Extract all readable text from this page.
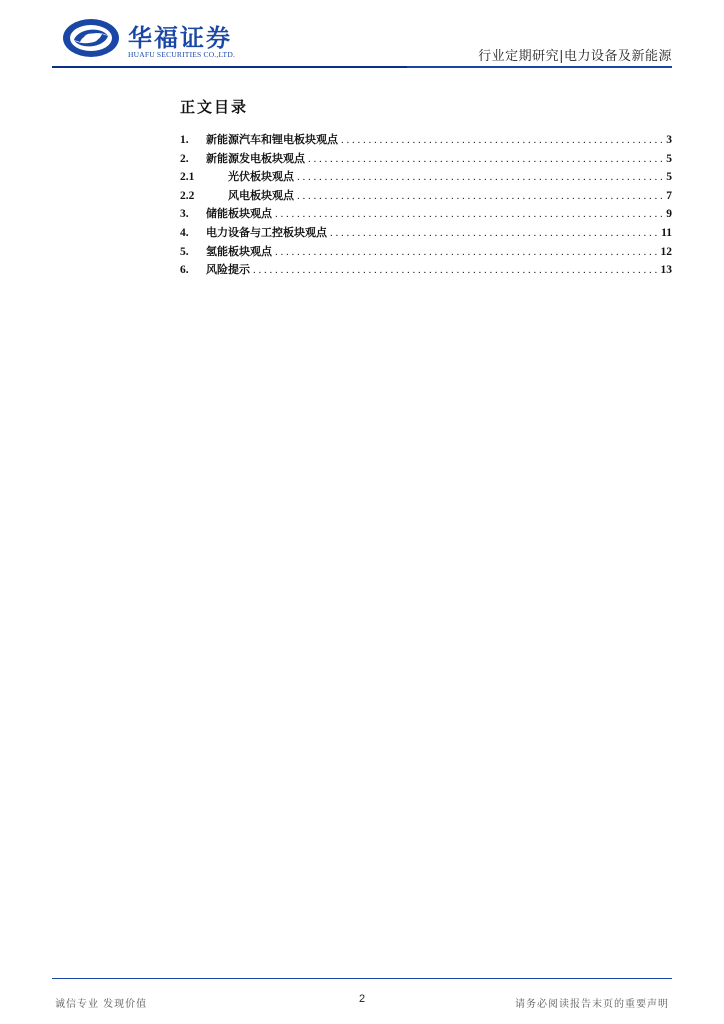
华福证券
HUAFU SECURITIES CO.,LTD.	行业定期研究|电力设备及新能源
正文目录
1.	新能源汽车和锂电板块观点 . . .	3
2.	新能源发电板块观点 . . .	5
2.1	光伏板块观点 . . .	5
2.2	风电板块观点 . . .	7
3.	储能板块观点 . . .	9
4.	电力设备与工控板块观点 . . .	11
5.	氢能板块观点 . . .	12
6.	风险提示 . . .	13
诚信专业 发现价值	2	请务必阅读报告末页的重要声明
